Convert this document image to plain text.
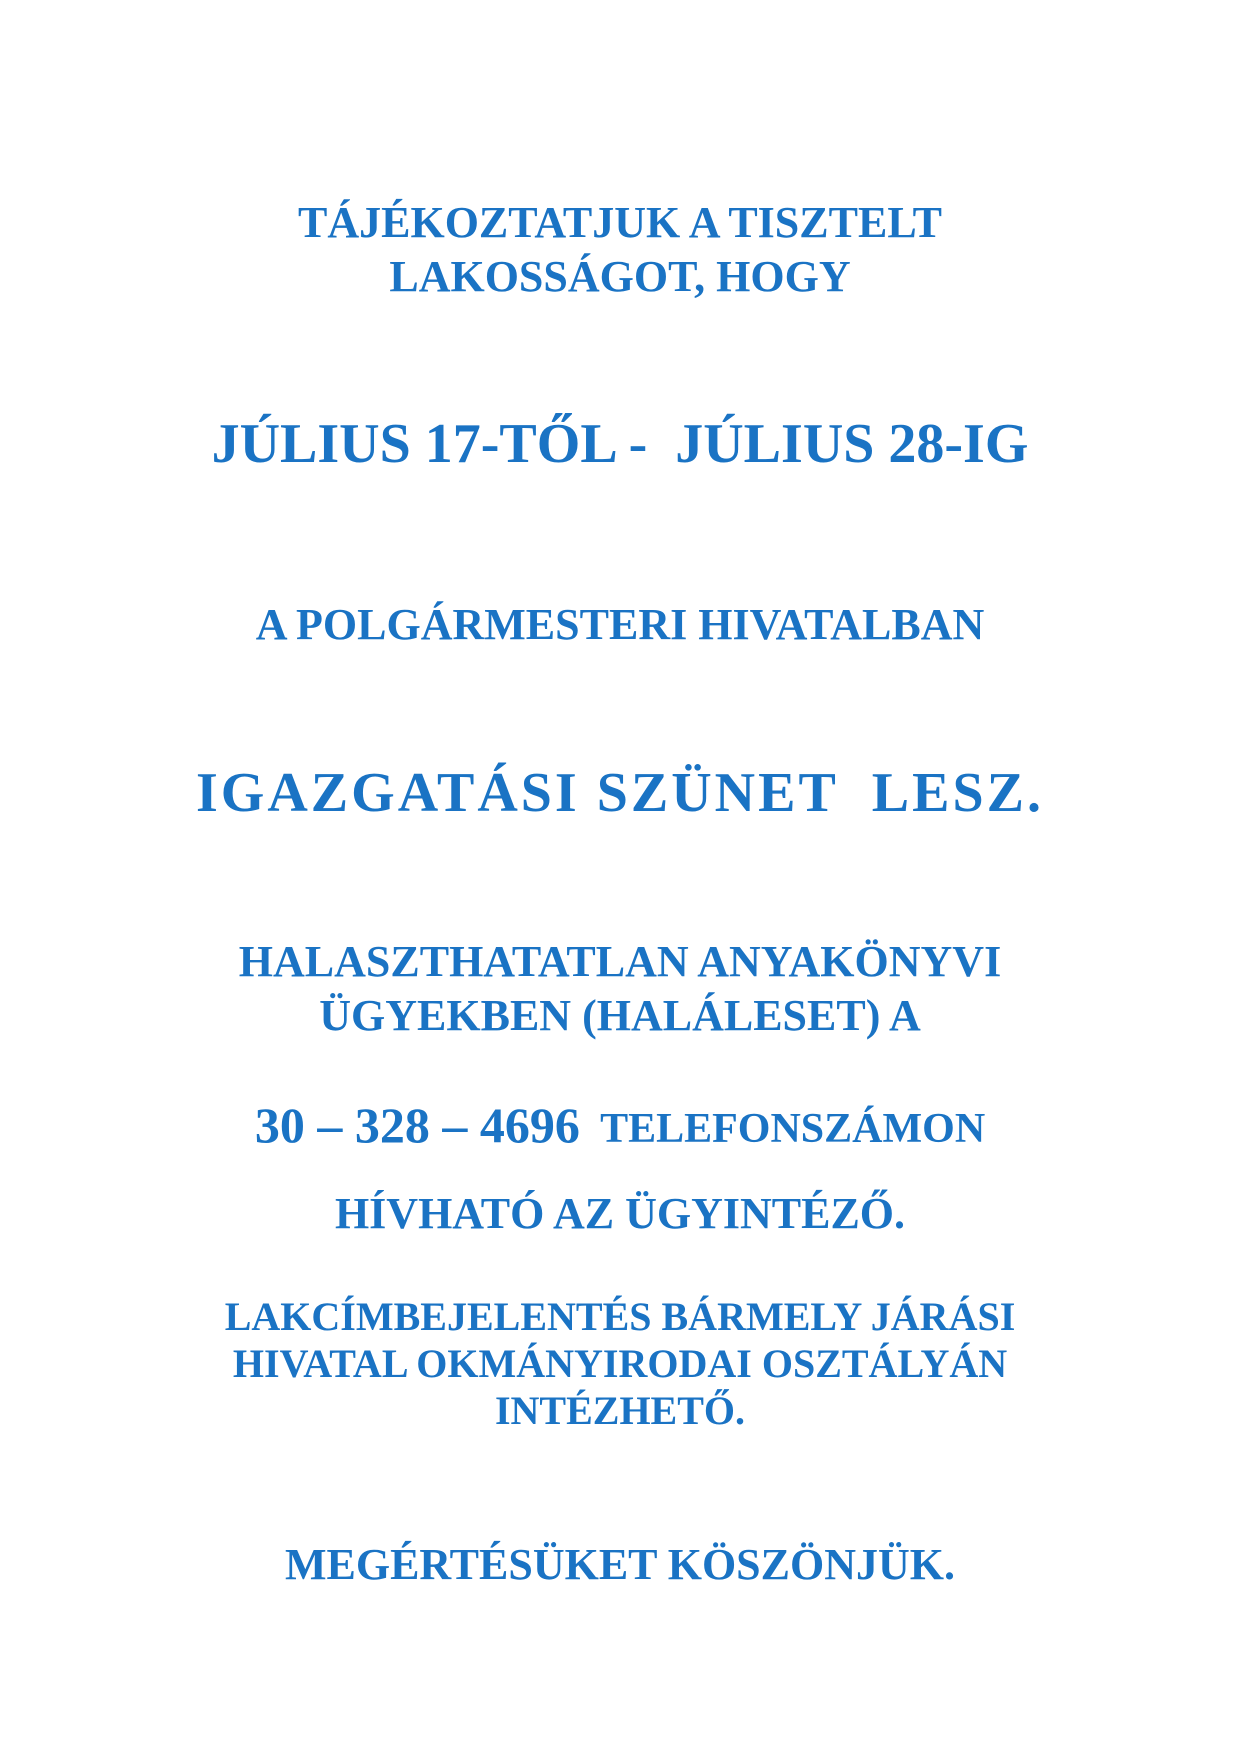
TÁJÉKOZTATJUK A TISZTELT
LAKOSSÁGOT, HOGY
JÚLIUS 17-TŐL -  JÚLIUS 28-IG
A POLGÁRMESTERI HIVATALBAN
IGAZGATÁSI SZÜNET  LESZ.
HALASZTHATATLAN ANYAKÖNYVI
ÜGYEKBEN (HALÁLESET) A
30 – 328 – 4696 TELEFONSZÁMON
HÍVHATÓ AZ ÜGYINTÉZŐ.
LAKCÍMBEJELENTÉS BÁRMELY JÁRÁSI
HIVATAL OKMÁNYIRODAI OSZTÁLYÁN
INTÉZHETŐ.
MEGÉRTÉSÜKET KÖSZÖNJÜK.
